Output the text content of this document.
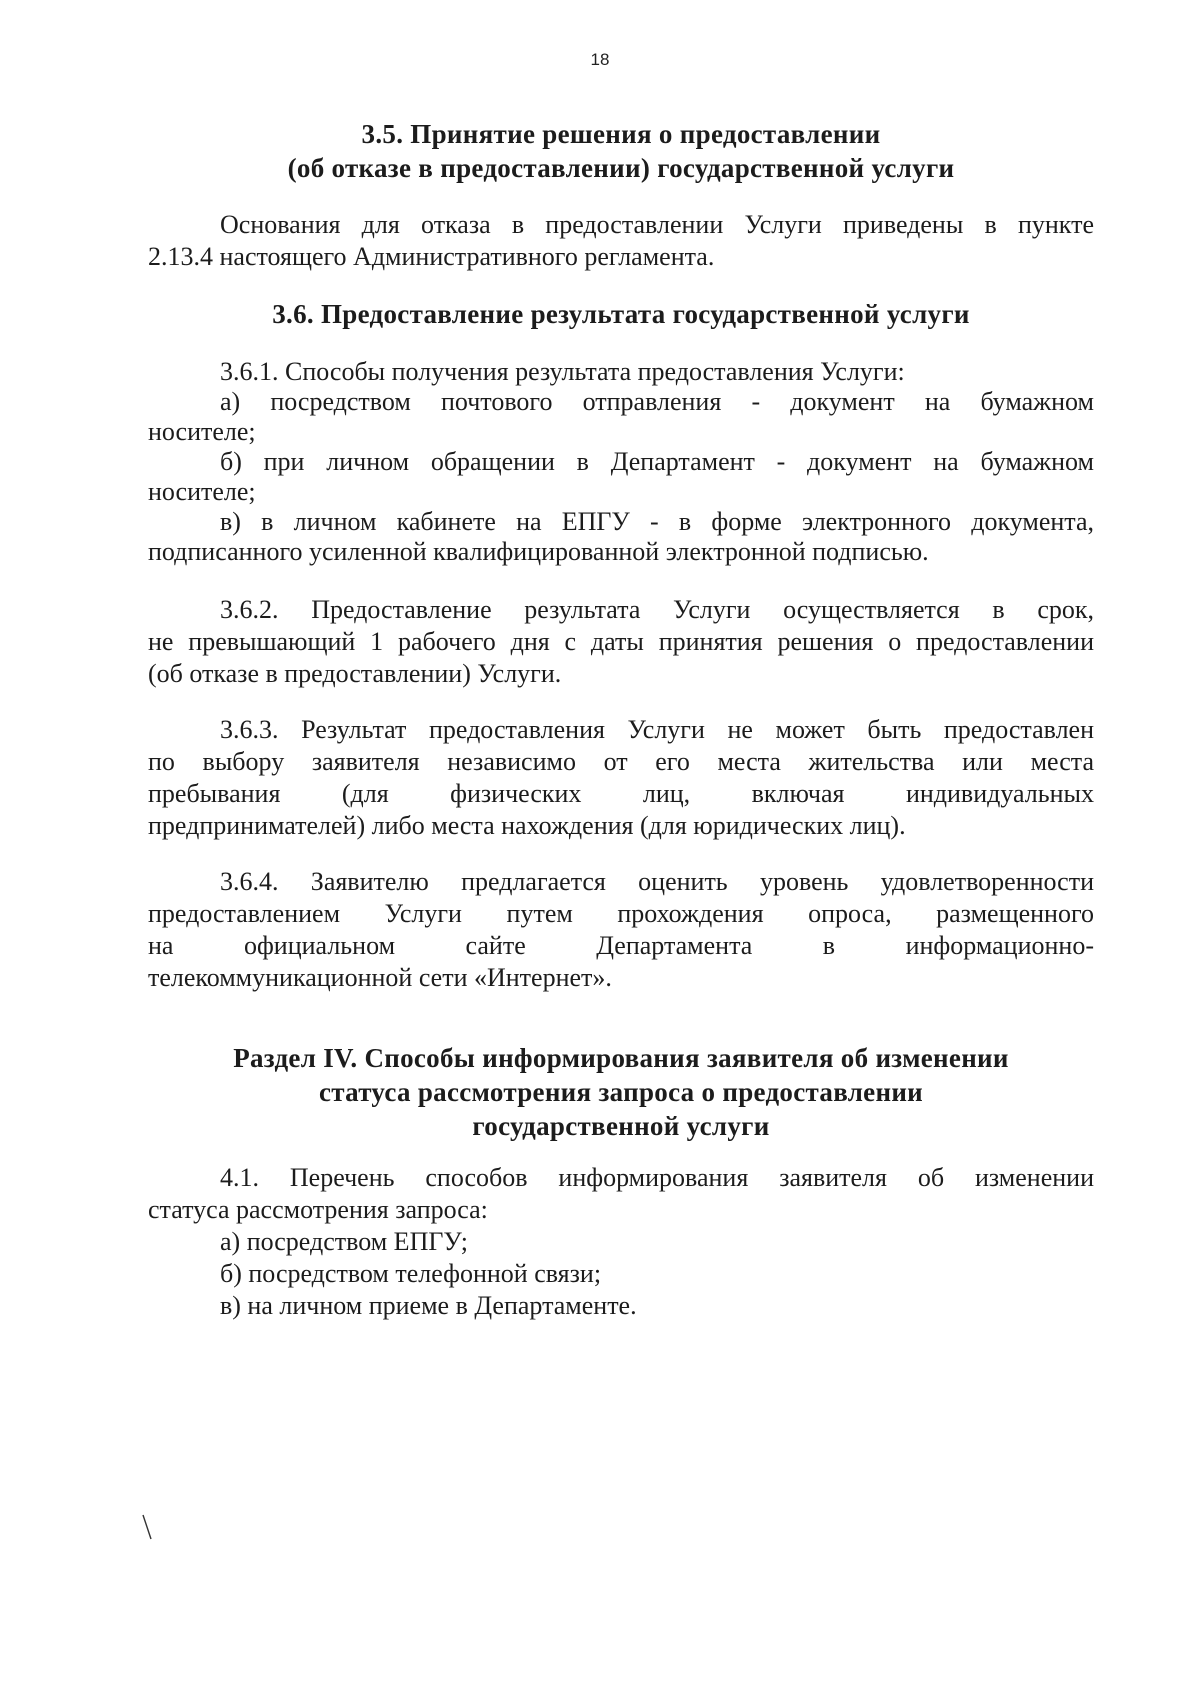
18
3.5. Принятие решения о предоставлении
(об отказе в предоставлении) государственной услуги
Основания для отказа в предоставлении Услуги приведены в пункте
2.13.4 настоящего Административного регламента.
3.6. Предоставление результата государственной услуги
3.6.1. Способы получения результата предоставления Услуги:
а) посредством почтового отправления - документ на бумажном
носителе;
б) при личном обращении в Департамент - документ на бумажном
носителе;
в) в личном кабинете на ЕПГУ - в форме электронного документа,
подписанного усиленной квалифицированной электронной подписью.
3.6.2. Предоставление результата Услуги осуществляется в срок,
не превышающий 1 рабочего дня с даты принятия решения о предоставлении
(об отказе в предоставлении) Услуги.
3.6.3. Результат предоставления Услуги не может быть предоставлен
по выбору заявителя независимо от его места жительства или места
пребывания (для физических лиц, включая индивидуальных
предпринимателей) либо места нахождения (для юридических лиц).
3.6.4. Заявителю предлагается оценить уровень удовлетворенности
предоставлением Услуги путем прохождения опроса, размещенного
на официальном сайте Департамента в информационно-
телекоммуникационной сети «Интернет».
Раздел IV. Способы информирования заявителя об изменении
статуса рассмотрения запроса о предоставлении
государственной услуги
4.1. Перечень способов информирования заявителя об изменении
статуса рассмотрения запроса:
а) посредством ЕПГУ;
б) посредством телефонной связи;
в) на личном приеме в Департаменте.
